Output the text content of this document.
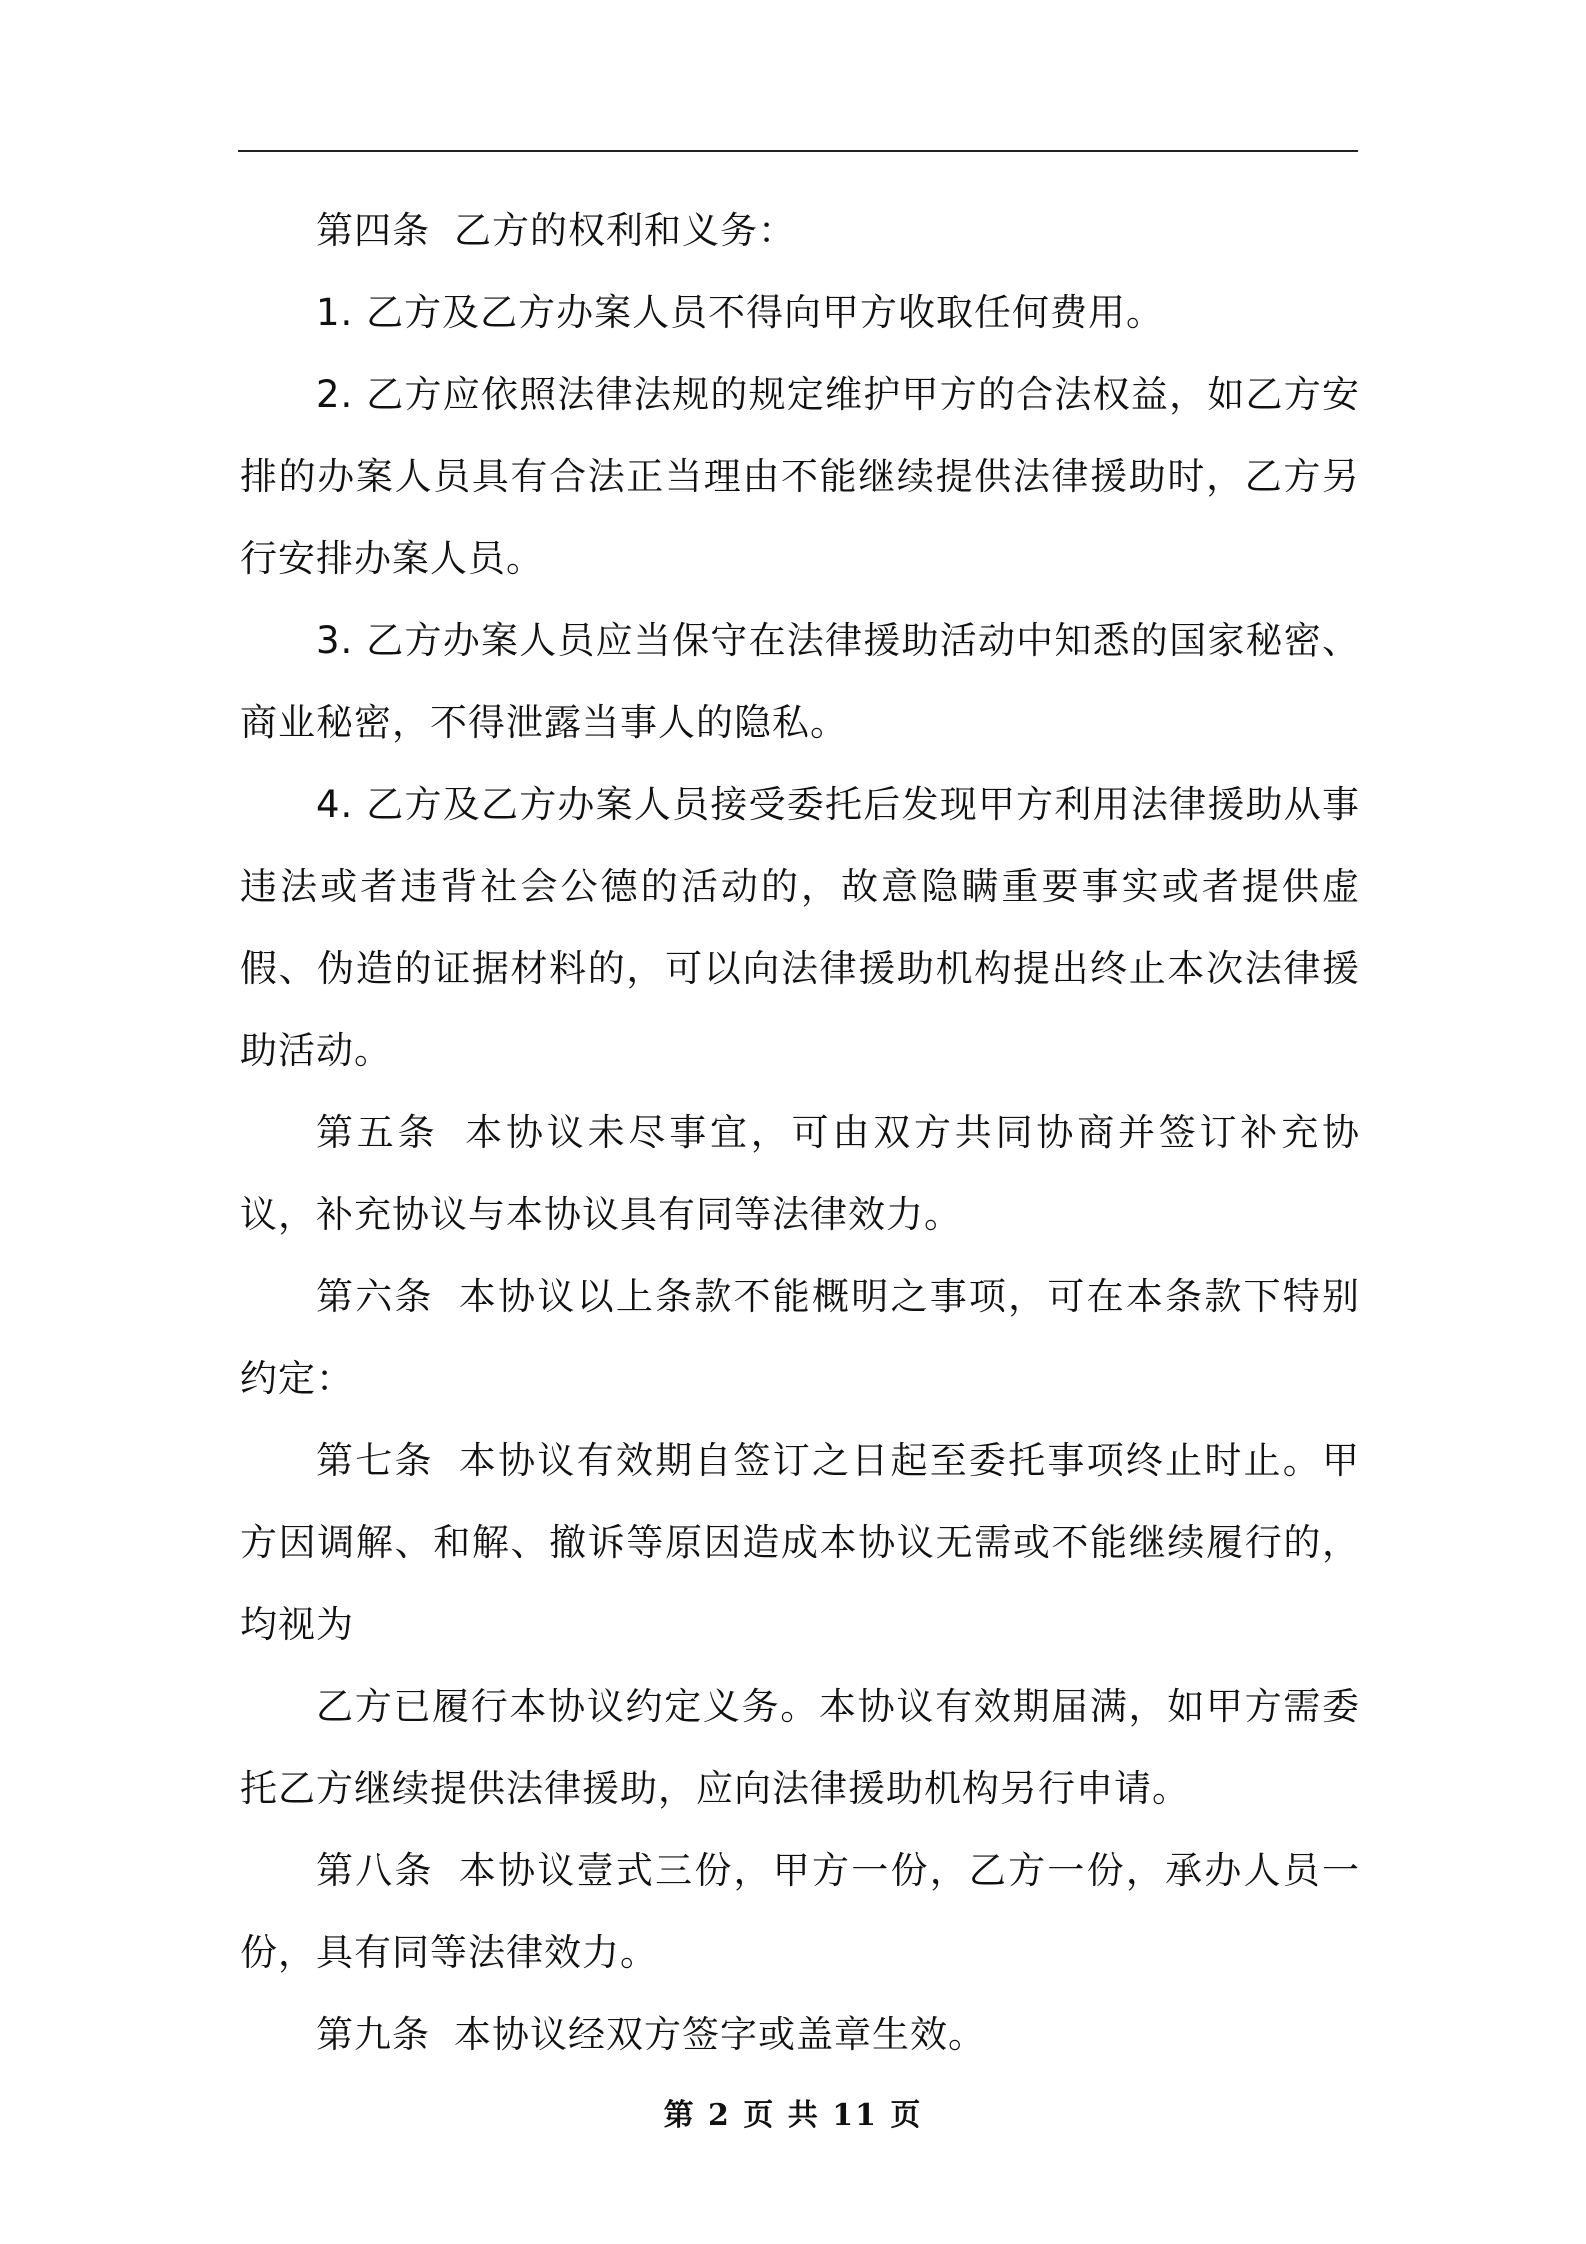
第四条 乙方的权利和义务：

1. 乙方及乙方办案人员不得向甲方收取任何费用。

2. 乙方应依照法律法规的规定维护甲方的合法权益，如乙方安排的办案人员具有合法正当理由不能继续提供法律援助时，乙方另行安排办案人员。

3. 乙方办案人员应当保守在法律援助活动中知悉的国家秘密、商业秘密，不得泄露当事人的隐私。

4. 乙方及乙方办案人员接受委托后发现甲方利用法律援助从事违法或者违背社会公德的活动的，故意隐瞒重要事实或者提供虚假、伪造的证据材料的，可以向法律援助机构提出终止本次法律援助活动。

第五条 本协议未尽事宜，可由双方共同协商并签订补充协议，补充协议与本协议具有同等法律效力。

第六条 本协议以上条款不能概明之事项，可在本条款下特别约定：

第七条 本协议有效期自签订之日起至委托事项终止时止。甲方因调解、和解、撤诉等原因造成本协议无需或不能继续履行的，均视为

乙方已履行本协议约定义务。本协议有效期届满，如甲方需委托乙方继续提供法律援助，应向法律援助机构另行申请。

第八条 本协议壹式三份，甲方一份，乙方一份，承办人员一份，具有同等法律效力。

第九条 本协议经双方签字或盖章生效。

第 2 页 共 11 页
